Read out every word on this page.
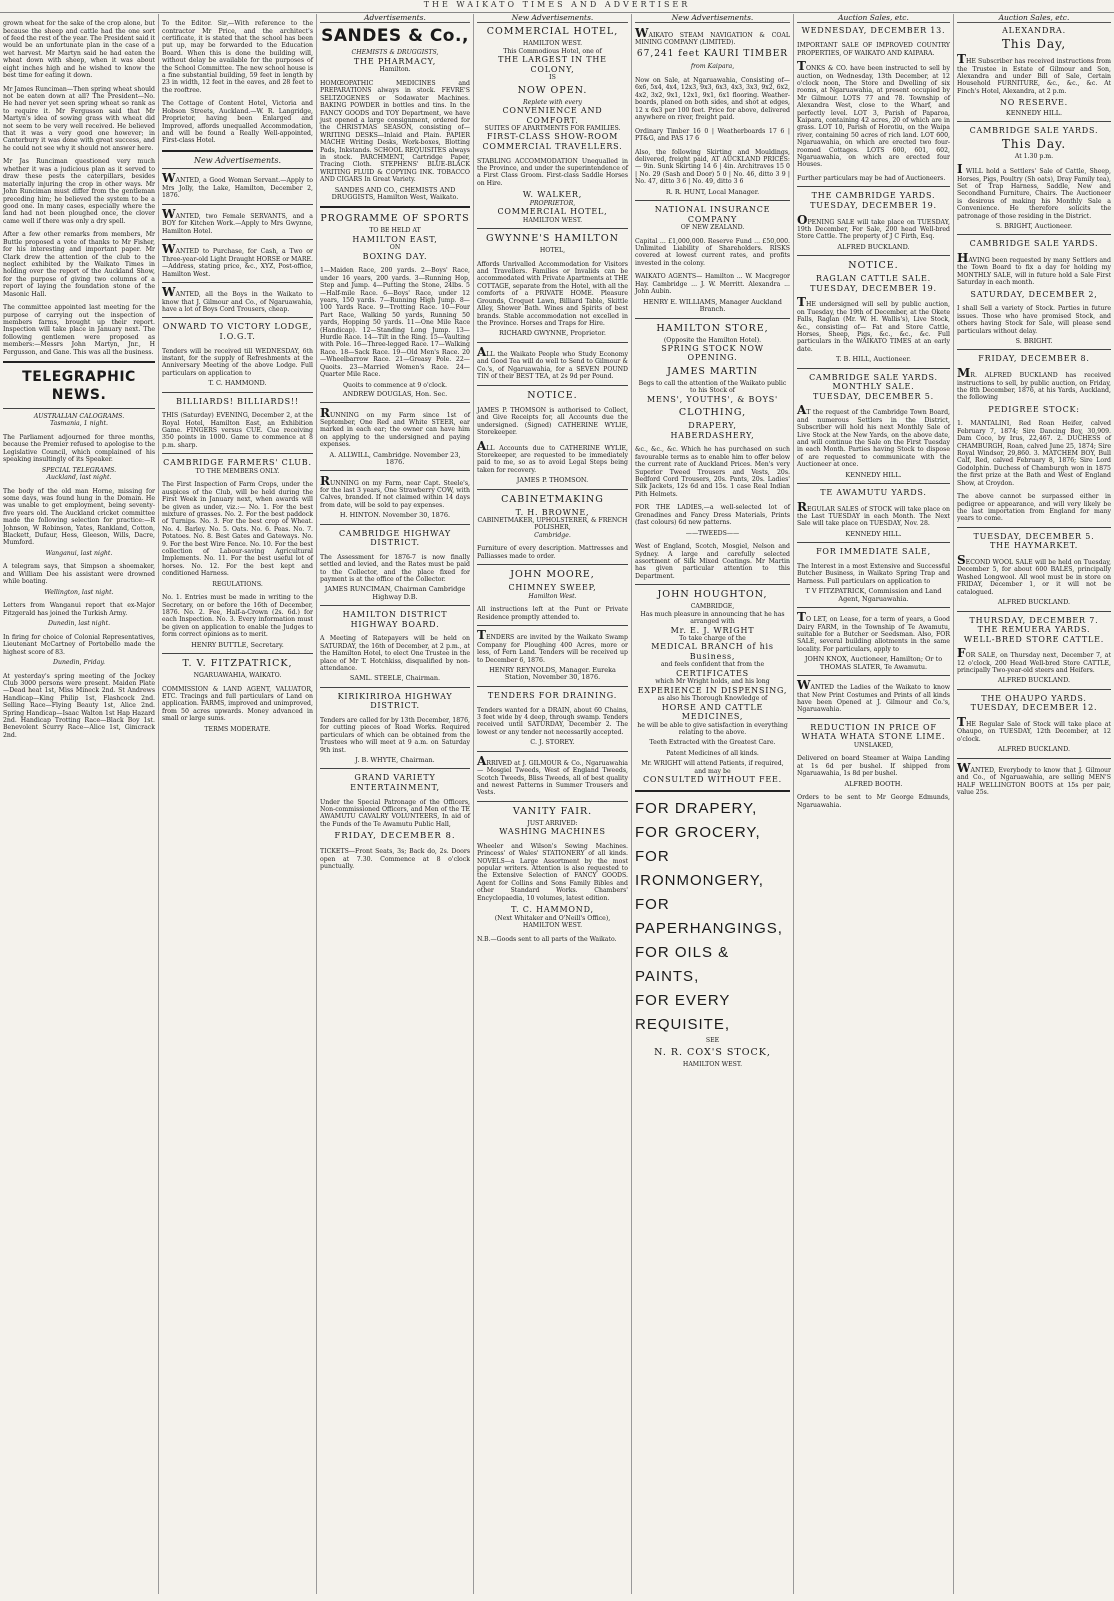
THE WAIKATO TIMES AND ADVERTISER

grown wheat for the sake of the crop alone, but because the sheep and cattle had the one sort of feed the rest of the year. The President said it would be an unfortunate plan in the case of a wet harvest. Mr Martyn said he had eaten the wheat down with sheep, when it was about eight inches high and he wished to know the best time for eating it down.

Mr James Runciman—Then spring wheat should not be eaten down at all? The President—No. He had never yet seen spring wheat so rank as to require it. Mr Fergusson said that Mr Martyn's idea of sowing grass with wheat did not seem to be very well received. He believed that it was a very good one however; in Canterbury it was done with great success, and he could not see why it should not answer here.

Mr Jas Runciman questioned very much whether it was a judicious plan as it served to draw these pests the caterpillars, besides materially injuring the crop in other ways. Mr John Runciman must differ from the gentleman preceding him; he believed the system to be a good one. In many cases, especially where the land had not been ploughed once, the clover came well if there was only a dry spell.

After a few other remarks from members, Mr Buttle proposed a vote of thanks to Mr Fisher, for his interesting and important paper. Mr Clark drew the attention of the club to the neglect exhibited by the Waikato Times in holding over the report of the Auckland Show, for the purpose of giving two columns of a report of laying the foundation stone of the Masonic Hall.

The committee appointed last meeting for the purpose of carrying out the inspection of members farms, brought up their report. Inspection will take place in January next. The following gentlemen were proposed as members:—Messrs John Martyn, Jnr., H Fergusson, and Gane. This was all the business.

TELEGRAPHIC NEWS.
AUSTRALIAN CALOGRAMS.
Tasmania, 1 night.

The Parliament adjourned for three months, because the Premier refused to apologise to the Legislative Council, which complained of his speaking insultingly of its Speaker.

SPECIAL TELEGRAMS.
Auckland, last night.

The body of the old man Horne, missing for some days, was found hung in the Domain. He was unable to get employment, being seventy-five years old. The Auckland cricket committee made the following selection for practice:—R Johnson, W Robinson, Yates, Rankland, Cotton, Blackett, Dufaur, Hess, Gleeson, Wills, Dacre, Mumford.

Wanganui, last night.

A telegram says, that Simpson a shoemaker, and William Dee his assistant were drowned while boating.

Wellington, last night.

Letters from Wanganui report that ex-Major Fitzgerald has joined the Turkish Army.

Dunedin, last night.

In firing for choice of Colonial Representatives, Lieutenant McCartney of Portobello made the highest score of 83.

Dunedin, Friday.

At yesterday's spring meeting of the Jockey Club 3000 persons were present. Maiden Plate—Dead heat 1st, Miss Mineck 2nd. St Andrews Handicap—King Philip 1st, Flashcock 2nd. Selling Race—Flying Beauty 1st, Alice 2nd. Spring Handicap—Isaac Walton 1st Hap Hazard 2nd. Handicap Trotting Race—Black Boy 1st. Benevolent Scurry Race—Alice 1st, Gimcrack 2nd.

To the Editor. Sir,—With reference to the contractor Mr Price, and the architect's certificate, it is stated that the school has been put up, may be forwarded to the Education Board. When this is done the building will, without delay be available for the purposes of the School Committee. The new school house is a fine substantial building, 59 feet in length by 23 in width, 12 feet in the eaves, and 28 feet to the rooftree.

The Cottage of Content Hotel, Victoria and Hobson Streets, Auckland.—W. R. Langridge, Proprietor, having been Enlarged and Improved, affords unequalled Accommodation, and will be found a Really Well-appointed, First-class Hotel.

New Advertisements.

WANTED, a Good Woman Servant.—Apply to Mrs Jolly, the Lake, Hamilton, December 2, 1876.

WANTED, two Female SERVANTS, and a BOY for Kitchen Work.—Apply to Mrs Gwynne, Hamilton Hotel.

WANTED to Purchase, for Cash, a Two or Three-year-old Light Draught HORSE or MARE.—Address, stating price, &c., XYZ, Post-office, Hamilton West.

WANTED, all the Boys in the Waikato to know that J. Gilmour and Co., of Ngaruawahia, have a lot of Boys Cord Trousers, cheap.

ONWARD TO VICTORY LODGE, I.O.G.T.

Tenders will be received till WEDNESDAY, 6th instant, for the supply of Refreshments at the Anniversary Meeting of the above Lodge. Full particulars on application to

T. C. HAMMOND.
BILLIARDS! BILLIARDS!!

THIS (Saturday) EVENING, December 2, at the Royal Hotel, Hamilton East, an Exhibition Game. FINGERS versus CUE. Cue receiving 350 points in 1000. Game to commence at 8 p.m. sharp.

CAMBRIDGE FARMERS' CLUB.
TO THE MEMBERS ONLY.

The First Inspection of Farm Crops, under the auspices of the Club, will be held during the First Week in January next, when awards will be given as under, viz.:— No. 1. For the best mixture of grasses. No. 2. For the best paddock of Turnips. No. 3. For the best crop of Wheat. No. 4. Barley. No. 5. Oats. No. 6. Peas. No. 7. Potatoes. No. 8. Best Gates and Gateways. No. 9. For the best Wire Fence. No. 10. For the best collection of Labour-saving Agricultural Implements. No. 11. For the best useful lot of horses. No. 12. For the best kept and conditioned Harness.

REGULATIONS.

No. 1. Entries must be made in writing to the Secretary, on or before the 16th of December, 1876. No. 2. Fee, Half-a-Crown (2s. 6d.) for each Inspection. No. 3. Every information must be given on application to enable the Judges to form correct opinions as to merit.

HENRY BUTTLE, Secretary.
T. V. FITZPATRICK,
NGARUAWAHIA, WAIKATO.

COMMISSION & LAND AGENT, VALUATOR, ETC. Tracings and full particulars of Land on application. FARMS, improved and unimproved, from 50 acres upwards. Money advanced in small or large sums.

TERMS MODERATE.
Advertisements.
SANDES & Co.,
CHEMISTS & DRUGGISTS,
THE PHARMACY,
Hamilton.

HOMŒOPATHIC MEDICINES and PREPARATIONS always in stock. FEVRE'S SELTZOGENES or Sodawater Machines. BAKING POWDER in bottles and tins. In the FANCY GOODS and TOY Department, we have just opened a large consignment, ordered for the CHRISTMAS SEASON, consisting of—WRITING DESKS—Inlaid and Plain. PAPIER MACHE Writing Desks, Work-boxes, Blotting Pads, Inkstands. SCHOOL REQUISITES always in stock. PARCHMENT, Cartridge Paper, Tracing Cloth. STEPHENS' BLUE-BLACK WRITING FLUID & COPYING INK. TOBACCO AND CIGARS In Great Variety.

SANDES AND CO., CHEMISTS AND DRUGGISTS, Hamilton West, Waikato.
PROGRAMME OF SPORTS
TO BE HELD AT
HAMILTON EAST,
ON
BOXING DAY.

1—Maiden Race, 200 yards. 2—Boys' Race, under 16 years, 200 yards. 3—Running Hop, Step and Jump. 4—Putting the Stone, 24lbs. 5—Half-mile Race. 6—Boys' Race, under 12 years, 150 yards. 7—Running High Jump. 8—100 Yards Race. 9—Trotting Race. 10—Four Part Race, Walking 50 yards, Running 50 yards, Hopping 50 yards. 11—One Mile Race (Handicap). 12—Standing Long Jump. 13—Hurdle Race. 14—Tilt in the Ring. 15—Vaulting with Pole. 16—Three-legged Race. 17—Walking Race. 18—Sack Race. 19—Old Men's Race. 20—Wheelbarrow Race. 21—Greasy Pole. 22—Quoits. 23—Married Women's Race. 24—Quarter Mile Race.

Quoits to commence at 9 o'clock.
ANDREW DOUGLAS, Hon. Sec.

RUNNING on my Farm since 1st of September, One Red and White STEER, ear marked in each ear; the owner can have him on applying to the undersigned and paying expenses.

A. ALLWILL, Cambridge. November 23, 1876.

RUNNING on my Farm, near Capt. Steele's, for the last 3 years, One Strawberry COW, with Calves, branded. If not claimed within 14 days from date, will be sold to pay expenses.

H. HINTON. November 30, 1876.
CAMBRIDGE HIGHWAY DISTRICT.

The Assessment for 1876-7 is now finally settled and levied, and the Rates must be paid to the Collector, and the place fixed for payment is at the office of the Collector.

JAMES RUNCIMAN, Chairman Cambridge Highway D.B.
HAMILTON DISTRICT HIGHWAY BOARD.

A Meeting of Ratepayers will be held on SATURDAY, the 16th of December, at 2 p.m., at the Hamilton Hotel, to elect One Trustee in the place of Mr T. Hotchkiss, disqualified by non-attendance.

SAML. STEELE, Chairman.
KIRIKIRIROA HIGHWAY DISTRICT.

Tenders are called for by 13th December, 1876, for cutting pieces of Road Works. Required particulars of which can be obtained from the Trustees who will meet at 9 a.m. on Saturday 9th inst.

J. B. WHYTE, Chairman.
GRAND VARIETY ENTERTAINMENT,

Under the Special Patronage of the Officers, Non-commissioned Officers, and Men of the TE AWAMUTU CAVALRY VOLUNTEERS, In aid of the Funds of the Te Awamutu Public Hall,

FRIDAY, DECEMBER 8.

TICKETS—Front Seats, 3s; Back do, 2s. Doors open at 7.30. Commence at 8 o'clock punctually.

New Advertisements.
COMMERCIAL HOTEL,
HAMILTON WEST.
This Commodious Hotel, one of
THE LARGEST IN THE COLONY,
IS
NOW OPEN.
Replete with every
CONVENIENCE AND COMFORT.
SUITES OF APARTMENTS FOR FAMILIES.
FIRST-CLASS SHOW-ROOM
COMMERCIAL TRAVELLERS.

STABLING ACCOMMODATION Unequalled in the Province, and under the superintendence of a First Class Groom. First-class Saddle Horses on Hire.

W. WALKER,
PROPRIETOR,
COMMERCIAL HOTEL,
HAMILTON WEST.
GWYNNE'S HAMILTON
HOTEL,

Affords Unrivalled Accommodation for Visitors and Travellers. Families or Invalids can be accommodated with Private Apartments at THE COTTAGE, separate from the Hotel, with all the comforts of a PRIVATE HOME. Pleasure Grounds, Croquet Lawn, Billiard Table, Skittle Alley, Shower Bath. Wines and Spirits of best brands. Stable accommodation not excelled in the Province. Horses and Traps for Hire.

RICHARD GWYNNE, Proprietor.

ALL the Waikato People who Study Economy and Good Tea will do well to Send to Gilmour & Co.'s, of Ngaruawahia, for a SEVEN POUND TIN of their BEST TEA, at 2s 9d per Pound.

NOTICE.

JAMES P. THOMSON is authorised to Collect, and Give Receipts for, all Accounts due the undersigned. (Signed) CATHERINE WYLIE, Storekeeper.

ALL Accounts due to CATHERINE WYLIE, Storekeeper, are requested to be immediately paid to me, so as to avoid Legal Steps being taken for recovery.

JAMES P. THOMSON.
CABINETMAKING
T. H. BROWNE,
CABINETMAKER, UPHOLSTERER, & FRENCH POLISHER,
Cambridge.

Furniture of every description. Mattresses and Palliasses made to order.

JOHN MOORE,
CHIMNEY SWEEP,
Hamilton West.

All instructions left at the Punt or Private Residence promptly attended to.

TENDERS are invited by the Waikato Swamp Company for Ploughing 400 Acres, more or less, of Fern Land. Tenders will be received up to December 6, 1876.

HENRY REYNOLDS, Manager. Eureka Station, November 30, 1876.
TENDERS FOR DRAINING.

Tenders wanted for a DRAIN, about 60 Chains, 3 feet wide by 4 deep, through swamp. Tenders received until SATURDAY, December 2. The lowest or any tender not necessarily accepted.

C. J. STOREY.

ARRIVED at J. GILMOUR & Co., Ngaruawahia— Mosgiel Tweeds, West of England Tweeds, Scotch Tweeds, Bliss Tweeds, all of best quality and newest Patterns in Summer Trousers and Vests.

VANITY FAIR.
JUST ARRIVED:
WASHING MACHINES

Wheeler and Wilson's Sewing Machines. Princess' of Wales' STATIONERY of all kinds. NOVELS—a Large Assortment by the most popular writers. Attention is also requested to the Extensive Selection of FANCY GOODS. Agent for Collins and Sons Family Bibles and other Standard Works. Chambers' Encyclopaedia, 10 volumes, latest edition.

T. C. HAMMOND,
(Next Whitaker and O'Neill's Office),
HAMILTON WEST.

N.B.—Goods sent to all parts of the Waikato.

New Advertisements.

WAIKATO STEAM NAVIGATION & COAL MINING COMPANY (LIMITED).

67,241 feet KAURI TIMBER
from Kaipara,

Now on Sale, at Ngaruawahia, Consisting of—6x6, 5x4, 4x4, 12x3, 9x3, 6x3, 4x3, 3x3, 9x2, 6x2, 4x2, 3x2, 9x1, 12x1, 9x1, 6x1 flooring. Weather-boards, planed on both sides, and shot at edges, 12 x 6x3 per 100 feet. Price for above, delivered anywhere on river, freight paid.

Ordinary Timber 16 0 | Weatherboards 17 6 | PT&G, and PAS 17 6

Also, the following Skirting and Mouldings, delivered, freight paid, AT AUCKLAND PRICES:— 9in. Sunk Skirting 14 6 | 4in. Architraves 15 0 | No. 29 (Sash and Door) 5 0 | No. 46, ditto 3 9 | No. 47, ditto 3 6 | No. 49, ditto 3 6

R. R. HUNT, Local Manager.
NATIONAL INSURANCE COMPANY
OF NEW ZEALAND.

Capital ... £1,000,000. Reserve Fund ... £50,000. Unlimited Liability of Shareholders. RISKS covered at lowest current rates, and profits invested in the colony.

WAIKATO AGENTS— Hamilton ... W. Macgregor Hay. Cambridge ... J. W. Merritt. Alexandra ... John Aubin.

HENRY E. WILLIAMS, Manager Auckland Branch.
HAMILTON STORE,
(Opposite the Hamilton Hotel).
SPRING STOCK NOW OPENING.
JAMES MARTIN
Begs to call the attention of the Waikato public to his Stock of
MENS', YOUTHS', & BOYS'
CLOTHING,
DRAPERY,
HABERDASHERY,

&c., &c., &c. Which he has purchased on such favourable terms as to enable him to offer below the current rate of Auckland Prices. Men's very Superior Tweed Trousers and Vests, 20s. Bedford Cord Trousers, 20s. Pants, 20s. Ladies' Silk Jackets, 12s 6d and 15s. 1 case Real Indian Pith Helmets.

FOR THE LADIES,—a well-selected lot of Grenadines and Fancy Dress Materials, Prints (fast colours) 6d new patterns.

——TWEEDS——

West of England, Scotch, Mosgiel, Nelson and Sydney. A large and carefully selected assortment of Silk Mixed Coatings. Mr Martin has given particular attention to this Department.

JOHN HOUGHTON,
CAMBRIDGE,
Has much pleasure in announcing that he has arranged with
Mr. E. J. WRIGHT
To take charge of the
MEDICAL BRANCH of his Business,
and feels confident that from the
CERTIFICATES
which Mr Wright holds, and his long
EXPERIENCE IN DISPENSING,
as also his Thorough Knowledge of
HORSE AND CATTLE MEDICINES,
he will be able to give satisfaction in everything relating to the above.
Teeth Extracted with the Greatest Care.
Patent Medicines of all kinds.
Mr. WRIGHT will attend Patients, if required, and may be
CONSULTED WITHOUT FEE.
FOR DRAPERY,
FOR GROCERY,
FOR IRONMONGERY,
FOR PAPERHANGINGS,
FOR OILS & PAINTS,
FOR EVERY REQUISITE,
SEE
N. R. COX'S STOCK,
HAMILTON WEST.
Auction Sales, etc.
WEDNESDAY, DECEMBER 13.

IMPORTANT SALE OF IMPROVED COUNTRY PROPERTIES, OF WAIKATO AND KAIPARA.

TONKS & CO. have been instructed to sell by auction, on Wednesday, 13th December, at 12 o'clock noon, The Store and Dwelling of six rooms, at Ngaruawahia, at present occupied by Mr Gilmour. LOTS 77 and 78. Township of Alexandra West, close to the Wharf, and perfectly level. LOT 3, Parish of Paparoa, Kaipara, containing 42 acres, 20 of which are in grass. LOT 10, Parish of Horotiu, on the Waipa river, containing 50 acres of rich land. LOT 600, Ngaruawahia, on which are erected two four-roomed Cottages. LOTS 600, 601, 602, Ngaruawahia, on which are erected four Houses.

Further particulars may be had of Auctioneers.

THE CAMBRIDGE YARDS.
TUESDAY, DECEMBER 19.

OPENING SALE will take place on TUESDAY, 19th December, For Sale, 200 head Well-bred Store Cattle. The property of J C Firth, Esq.

ALFRED BUCKLAND.
NOTICE.
RAGLAN CATTLE SALE.
TUESDAY, DECEMBER 19.

THE undersigned will sell by public auction, on Tuesday, the 19th of December, at the Okete Falls, Raglan (Mr. W. H. Wallis's), Live Stock, &c., consisting of— Fat and Store Cattle, Horses, Sheep, Pigs, &c., &c., &c. Full particulars in the WAIKATO TIMES at an early date.

T. B. HILL, Auctioneer.
CAMBRIDGE SALE YARDS.
MONTHLY SALE.
TUESDAY, DECEMBER 5.

AT the request of the Cambridge Town Board, and numerous Settlers in the District, Subscriber will hold his next Monthly Sale of Live Stock at the New Yards, on the above date, and will continue the Sale on the First Tuesday in each Month. Parties having Stock to dispose of are requested to communicate with the Auctioneer at once.

KENNEDY HILL.
TE AWAMUTU YARDS.

REGULAR SALES of STOCK will take place on the Last TUESDAY in each Month. The Next Sale will take place on TUESDAY, Nov. 28.

KENNEDY HILL.
FOR IMMEDIATE SALE,

The Interest in a most Extensive and Successful Butcher Business, in Waikato Spring Trap and Harness. Full particulars on application to

T V FITZPATRICK, Commission and Land Agent, Ngaruawahia.

TO LET, on Lease, for a term of years, a Good Dairy FARM, in the Township of Te Awamutu, suitable for a Butcher or Seedsman. Also, FOR SALE, several building allotments in the same locality. For particulars, apply to

JOHN KNOX, Auctioneer, Hamilton; Or to THOMAS SLATER, Te Awamutu.

WANTED the Ladies of the Waikato to know that New Print Costumes and Prints of all kinds have been Opened at J. Gilmour and Co.'s, Ngaruawahia.

REDUCTION IN PRICE OF
WHATA WHATA STONE LIME.
UNSLAKED,

Delivered on board Steamer at Waipa Landing at 1s 6d per bushel. If shipped from Ngaruawahia, 1s 8d per bushel.

ALFRED BOOTH.

Orders to be sent to Mr George Edmunds, Ngaruawahia.

Auction Sales, etc.
ALEXANDRA.
This Day,

THE Subscriber has received instructions from the Trustee in Estate of Gilmour and Son, Alexandra and under Bill of Sale, Certain Household FURNITURE, &c., &c., &c. At Finch's Hotel, Alexandra, at 2 p.m.

NO RESERVE.
KENNEDY HILL.
CAMBRIDGE SALE YARDS.
This Day.
At 1.30 p.m.

I WILL hold a Settlers' Sale of Cattle, Sheep, Horses, Pigs, Poultry (Sh oats), Dray Family tea), Set of Trap Harness, Saddle, New and Secondhand Furniture, Chairs. The Auctioneer is desirous of making his Monthly Sale a Convenience. He therefore solicits the patronage of those residing in the District.

S. BRIGHT, Auctioneer.
CAMBRIDGE SALE YARDS.

HAVING been requested by many Settlers and the Town Board to fix a day for holding my MONTHLY SALE, will in future hold a Sale First Saturday in each month.

SATURDAY, DECEMBER 2,

I shall Sell a variety of Stock. Parties in future issues. Those who have promised Stock, and others having Stock for Sale, will please send particulars without delay.

S. BRIGHT.
FRIDAY, DECEMBER 8.

MR. ALFRED BUCKLAND has received instructions to sell, by public auction, on Friday, the 8th December, 1876, at his Yards, Auckland, the following

PEDIGREE STOCK:

1. MANTALINI, Red Roan Heifer, calved February 7, 1874; Sire Dancing Boy, 30,909. Dam Coco, by Irus, 22,467. 2. DUCHESS of CHAMBURGH, Roan, calved June 25, 1874; Sire Royal Windsor, 29,860. 3. MATCHEM BOY, Bull Calf, Red, calved February 8, 1876; Sire Lord Godolphin. Duchess of Chamburgh won in 1875 the first prize at the Bath and West of England Show, at Croydon.

The above cannot be surpassed either in pedigree or appearance, and will very likely be the last importation from England for many years to come.

TUESDAY, DECEMBER 5.
THE HAYMARKET.

SECOND WOOL SALE will be held on Tuesday, December 5, for about 600 BALES, principally Washed Longwool. All wool must be in store on FRIDAY, December 1, or it will not be catalogued.

ALFRED BUCKLAND.
THURSDAY, DECEMBER 7.
THE REMUERA YARDS.
WELL-BRED STORE CATTLE.

FOR SALE, on Thursday next, December 7, at 12 o'clock, 200 Head Well-bred Store CATTLE, principally Two-year-old steers and Heifers.

ALFRED BUCKLAND.
THE OHAUPO YARDS.
TUESDAY, DECEMBER 12.

THE Regular Sale of Stock will take place at Ohaupo, on TUESDAY, 12th December, at 12 o'clock.

ALFRED BUCKLAND.

WANTED, Everybody to know that J. Gilmour and Co., of Ngaruawahia, are selling MEN'S HALF WELLINGTON BOOTS at 15s per pair, value 25s.
